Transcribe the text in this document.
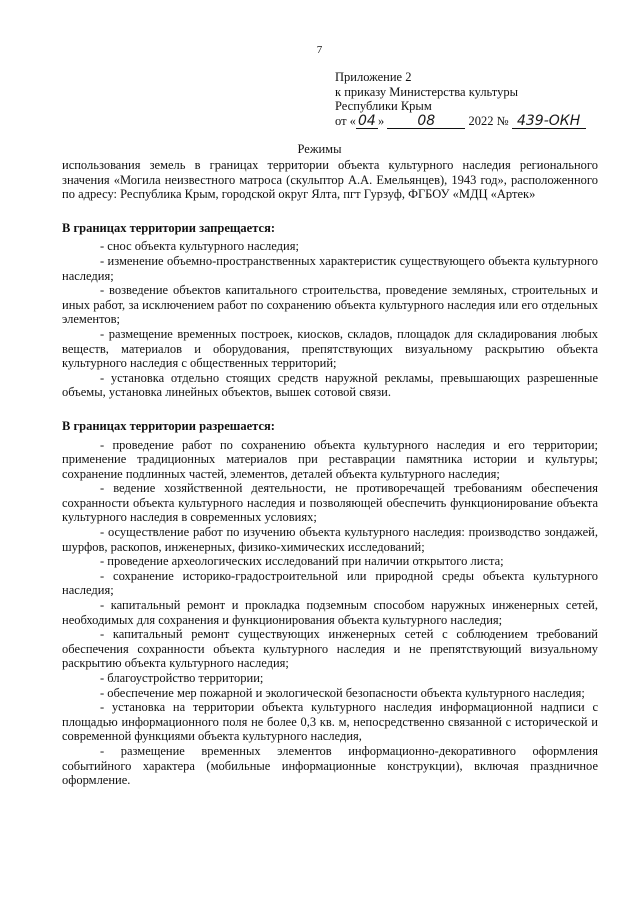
7
Приложение 2
к приказу Министерства культуры
Республики Крым
от « 04 » 08	2022 № 439-ОКН
Режимы

использования земель в границах территории объекта культурного наследия регионального значения «Могила неизвестного матроса (скульптор А.А. Емельянцев), 1943 год», расположенного по адресу: Республика Крым, городской округ Ялта, пгт Гурзуф, ФГБОУ «МДЦ «Артек»

В границах территории запрещается:

- снос объекта культурного наследия;

- изменение объемно-пространственных характеристик существующего объекта культурного наследия;

- возведение объектов капитального строительства, проведение земляных, строительных и иных работ, за исключением работ по сохранению объекта культурного наследия или его отдельных элементов;

- размещение временных построек, киосков, складов, площадок для складирования любых веществ, материалов и оборудования, препятствующих визуальному раскрытию объекта культурного наследия с общественных территорий;

- установка отдельно стоящих средств наружной рекламы, превышающих разрешенные объемы, установка линейных объектов, вышек сотовой связи.

В границах территории разрешается:

- проведение работ по сохранению объекта культурного наследия и его территории; применение традиционных материалов при реставрации памятника истории и культуры; сохранение подлинных частей, элементов, деталей объекта культурного наследия;

- ведение хозяйственной деятельности, не противоречащей требованиям обеспечения сохранности объекта культурного наследия и позволяющей обеспечить функционирование объекта культурного наследия в современных условиях;

- осуществление работ по изучению объекта культурного наследия: производство зондажей, шурфов, раскопов, инженерных, физико-химических исследований;

- проведение археологических исследований при наличии открытого листа;

- сохранение историко-градостроительной или природной среды объекта культурного наследия;

- капитальный ремонт и прокладка подземным способом наружных инженерных сетей, необходимых для сохранения и функционирования объекта культурного наследия;

- капитальный ремонт существующих инженерных сетей с соблюдением требований обеспечения сохранности объекта культурного наследия и не препятствующий визуальному раскрытию объекта культурного наследия;

- благоустройство территории;

- обеспечение мер пожарной и экологической безопасности объекта культурного наследия;

- установка на территории объекта культурного наследия информационной надписи с площадью информационного поля не более 0,3 кв. м, непосредственно связанной с исторической и современной функциями объекта культурного наследия,

- размещение временных элементов информационно-декоративного оформления событийного характера (мобильные информационные конструкции), включая праздничное оформление.
